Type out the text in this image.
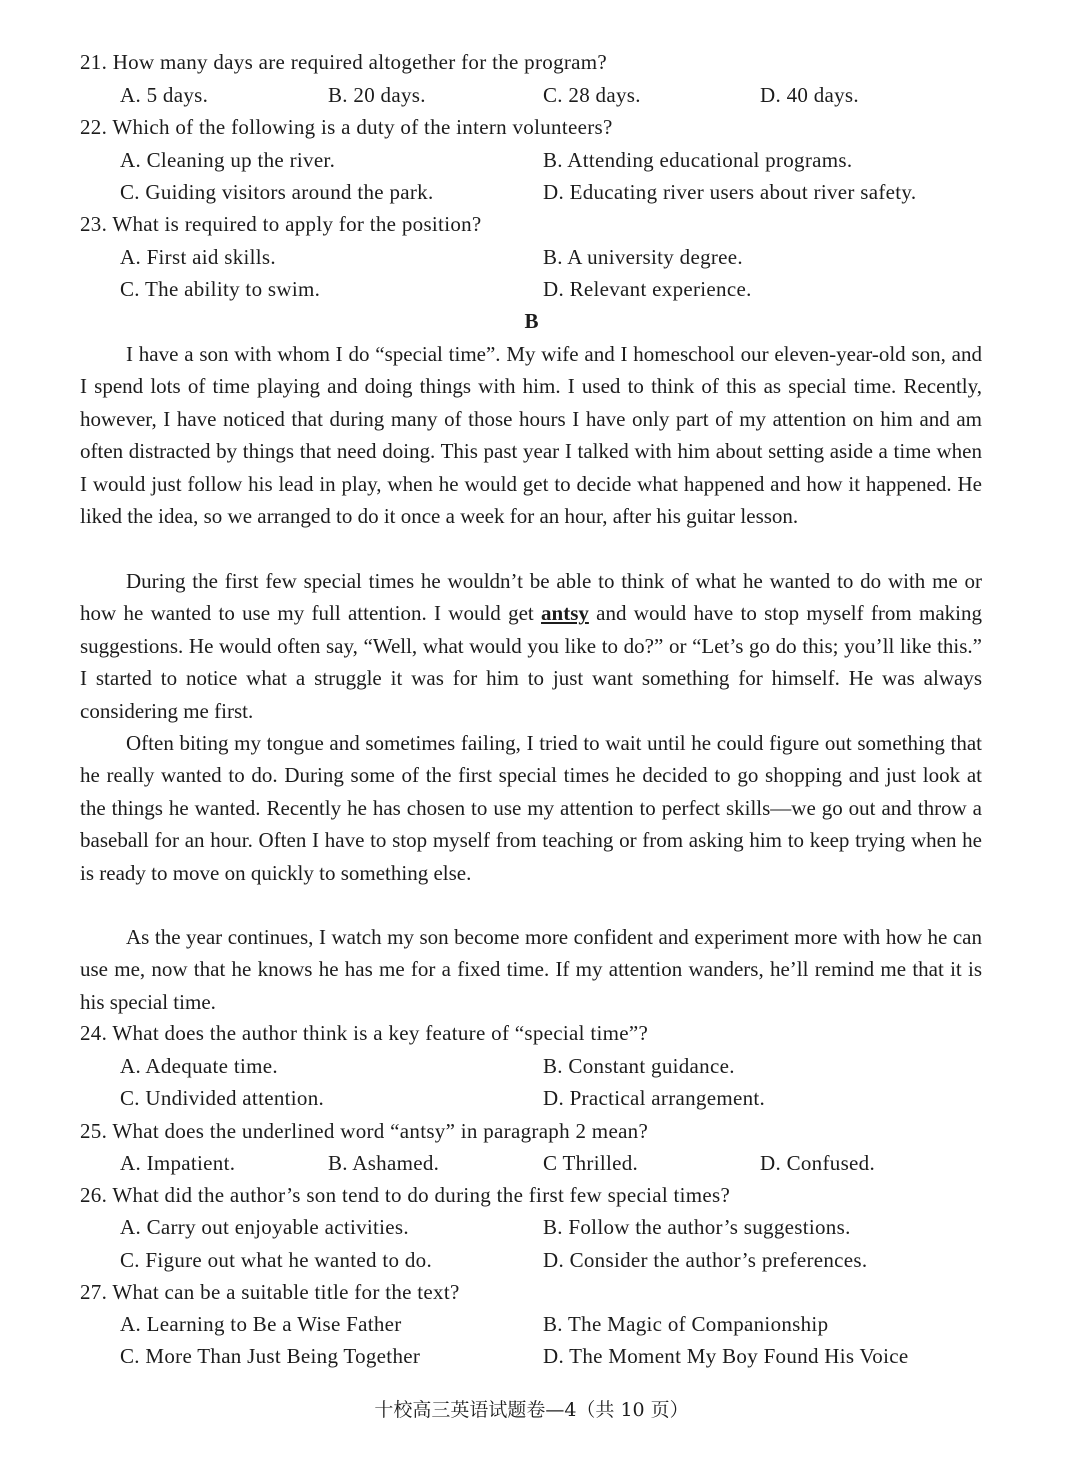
21. How many days are required altogether for the program?
A. 5 days.	B. 20 days.	C. 28 days.	D. 40 days.
22. Which of the following is a duty of the intern volunteers?
A. Cleaning up the river.	B. Attending educational programs.
C. Guiding visitors around the park.	D. Educating river users about river safety.
23. What is required to apply for the position?
A. First aid skills.	B. A university degree.
C. The ability to swim.	D. Relevant experience.
B
I have a son with whom I do “special time”. My wife and I homeschool our eleven-year-old son, and I spend lots of time playing and doing things with him. I used to think of this as special time. Recently, however, I have noticed that during many of those hours I have only part of my attention on him and am often distracted by things that need doing. This past year I talked with him about setting aside a time when I would just follow his lead in play, when he would get to decide what happened and how it happened. He liked the idea, so we arranged to do it once a week for an hour, after his guitar lesson.
During the first few special times he wouldn’t be able to think of what he wanted to do with me or how he wanted to use my full attention. I would get antsy and would have to stop myself from making suggestions. He would often say, “Well, what would you like to do?” or “Let’s go do this; you’ll like this.” I started to notice what a struggle it was for him to just want something for himself. He was always considering me first.
Often biting my tongue and sometimes failing, I tried to wait until he could figure out something that he really wanted to do. During some of the first special times he decided to go shopping and just look at the things he wanted. Recently he has chosen to use my attention to perfect skills—we go out and throw a baseball for an hour. Often I have to stop myself from teaching or from asking him to keep trying when he is ready to move on quickly to something else.
As the year continues, I watch my son become more confident and experiment more with how he can use me, now that he knows he has me for a fixed time. If my attention wanders, he’ll remind me that it is his special time.
24. What does the author think is a key feature of “special time”?
A. Adequate time.	B. Constant guidance.
C. Undivided attention.	D. Practical arrangement.
25. What does the underlined word “antsy” in paragraph 2 mean?
A. Impatient.	B. Ashamed.	C Thrilled.	D. Confused.
26. What did the author’s son tend to do during the first few special times?
A. Carry out enjoyable activities.	B. Follow the author’s suggestions.
C. Figure out what he wanted to do.	D. Consider the author’s preferences.
27. What can be a suitable title for the text?
A. Learning to Be a Wise Father	B. The Magic of Companionship
C. More Than Just Being Together	D. The Moment My Boy Found His Voice
十校高三英语试题卷—4（共 10 页）
